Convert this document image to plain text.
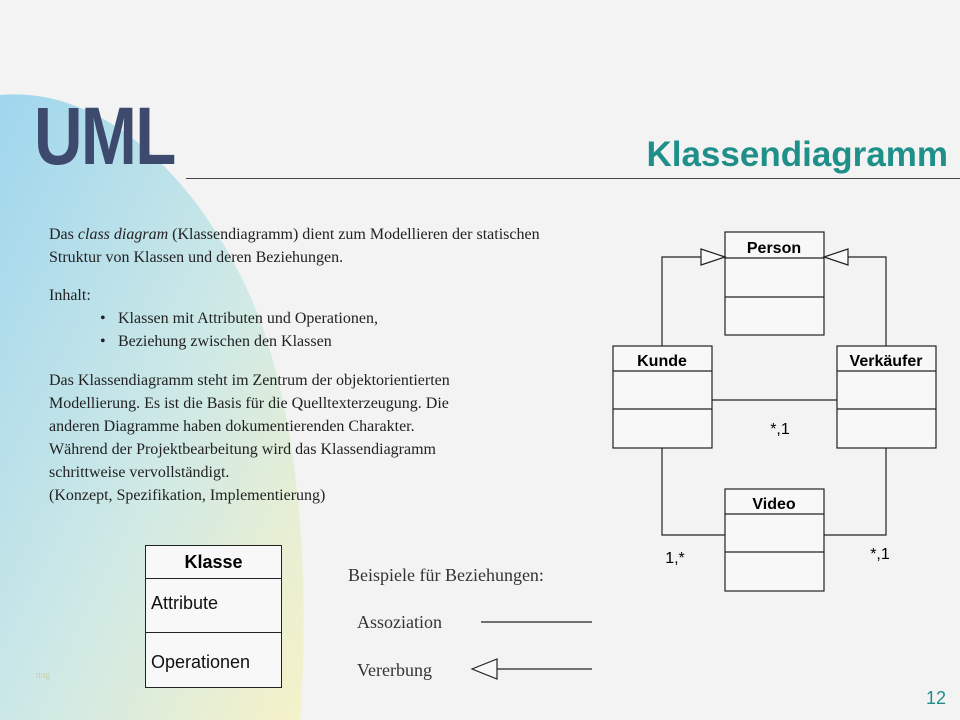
UML	Klassendiagramm
Das class diagram (Klassendiagramm) dient zum Modellieren der statischen Struktur von Klassen und deren Beziehungen.
Inhalt:
• Klassen mit Attributen und Operationen,
• Beziehung zwischen den Klassen
Das Klassendiagramm steht im Zentrum der objektorientierten
Modellierung. Es ist die Basis für die Quelltexterzeugung. Die
anderen Diagramme haben dokumentierenden Charakter.
Während der Projektbearbeitung wird das Klassendiagramm
schrittweise vervollständigt.
(Konzept, Spezifikation, Implementierung)
Klasse
Attribute
Operationen
Beispiele für Beziehungen:
Assoziation
Vererbung
Person
Kunde	Verkäufer
Video
*,1
1,*	*,1
ttog
12
